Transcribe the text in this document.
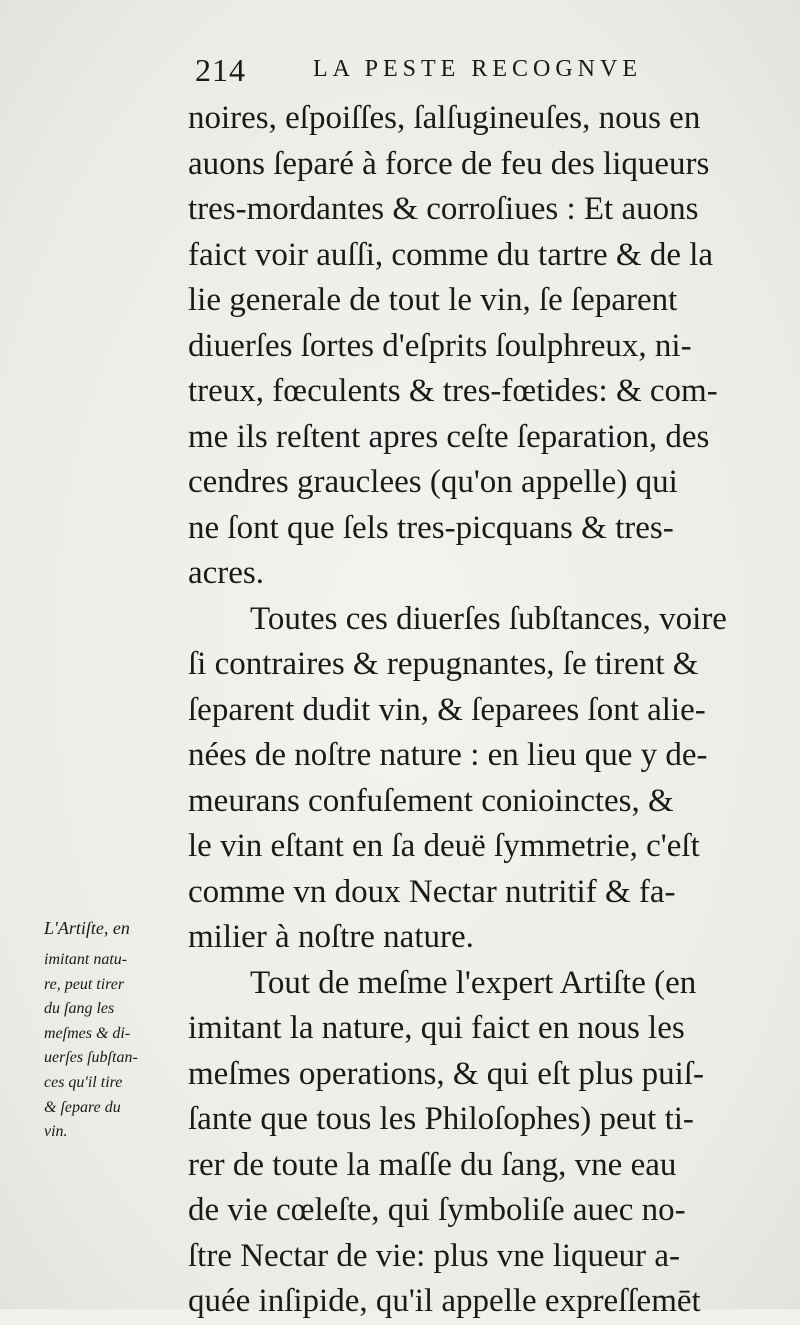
214	LA PESTE RECOGNVE
noires, eſpoiſſes, ſalſugineuſes, nous en
auons ſeparé à force de feu des liqueurs
tres-mordantes & corroſiues : Et auons
faict voir auſſi, comme du tartre & de la
lie generale de tout le vin, ſe ſeparent
diuerſes ſortes d'eſprits ſoulphreux, ni-
treux, fœculents & tres-fœtides: & com-
me ils reſtent apres ceſte ſeparation, des
cendres grauclees (qu'on appelle) qui
ne ſont que ſels tres-picquans & tres-
acres.
Toutes ces diuerſes ſubſtances, voire
ſi contraires & repugnantes, ſe tirent &
ſeparent dudit vin, & ſeparees ſont alie-
nées de noſtre nature : en lieu que y de-
meurans confuſement conioinctes, &
le vin eſtant en ſa deuë ſymmetrie, c'eſt
comme vn doux Nectar nutritif & fa-
milier à noſtre nature.
Tout de meſme l'expert Artiſte (en
imitant la nature, qui faict en nous les
meſmes operations, & qui eſt plus puiſ-
ſante que tous les Philoſophes) peut ti-
rer de toute la maſſe du ſang, vne eau
de vie cœleſte, qui ſymboliſe auec no-
ſtre Nectar de vie: plus vne liqueur a-
quée inſipide, qu'il appelle expreſſemēt
L'Artiſte, en
imitant natu-
re, peut tirer
du ſang les
meſmes & di-
uerſes ſubſtan-
ces qu'il tire
& ſepare du
vin.
